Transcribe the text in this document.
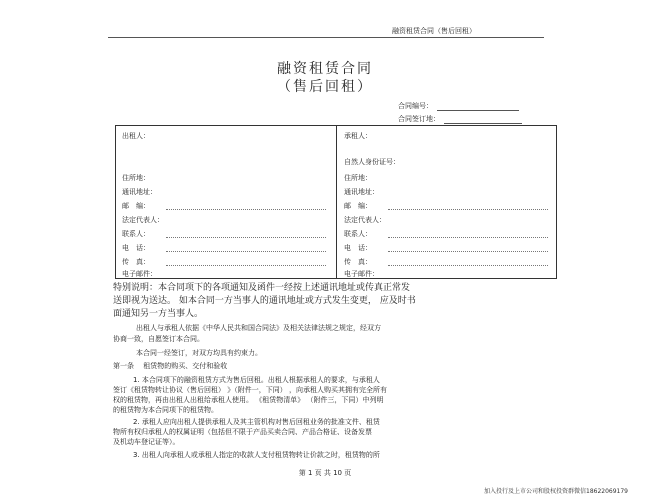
融资租赁合同（售后回租）
融资租赁合同
（售后回租）
合同编号：
合同签订地：
出租人：
住所地：
通讯地址：
邮　编：
法定代表人：
联系人：
电　话：
传　真：
电子邮件：
承租人：
自然人身份证号：
住所地：
通讯地址：
邮　编：
法定代表人：
联系人：
电　话：
传　真：
电子邮件：
特别说明：本合同项下的各项通知及函件一经按上述通讯地址或传真正常发
送即视为送达。 如本合同一方当事人的通讯地址或方式发生变更， 应及时书
面通知另一方当事人。
出租人与承租人依据《中华人民共和国合同法》及相关法律法规之规定，经双方
协商一致，自愿签订本合同。
本合同一经签订，对双方均具有约束力。
第一条　 租赁物的购买、交付和验收
1. 本合同项下的融资租赁方式为售后回租。出租人根据承租人的要求，与承租人
签订《租赁物转让协议（售后回租） 》（附件一，下同） ，向承租人购买其拥有完全所有
权的租赁物，再由出租人出租给承租人使用。 《租赁物清单》 （附件三，下同）中列明
的租赁物为本合同项下的租赁物。
2. 承租人应向出租人提供承租人及其主管机构对售后回租业务的批准文件、租赁
物所有权归承租人的权属证明（包括但不限于产品买卖合同、产品合格证、设备发票
及机动车登记证等）。
3. 出租人向承租人或承租人指定的收款人支付租赁物转让价款之时，租赁物的所
第 1 页 共 10 页
加入投行及上市公司和股权投资群微信18622069179
